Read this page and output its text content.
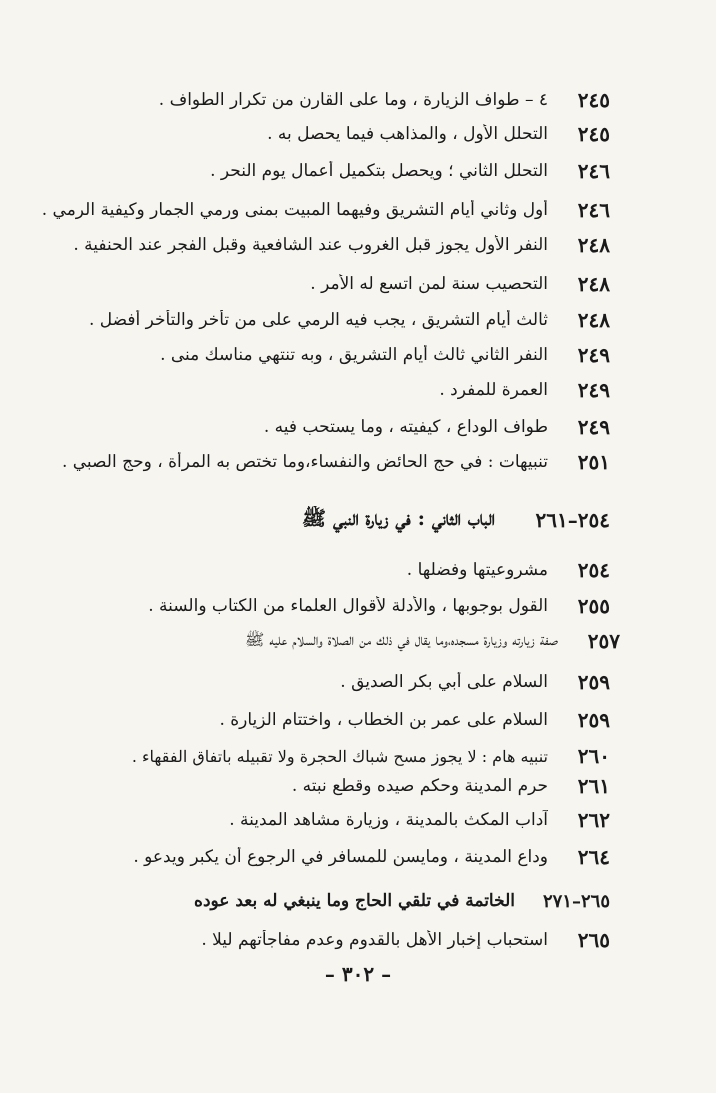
٢٤٥
٤ – طواف الزيارة ، وما على القارن من تكرار الطواف .
٢٤٥
التحلل الأول ، والمذاهب فيما يحصل به .
٢٤٦
التحلل الثاني ؛ ويحصل بتكميل أعمال يوم النحر .
٢٤٦
أول وثاني أيام التشريق وفيهما المبيت بمنى ورمي الجمار وكيفية الرمي .
٢٤٨
النفر الأول يجوز قبل الغروب عند الشافعية وقبل الفجر عند الحنفية .
٢٤٨
التحصيب سنة لمن اتسع له الأمر .
٢٤٨
ثالث أيام التشريق ، يجب فيه الرمي على من تأخر والتأخر أفضل .
٢٤٩
النفر الثاني ثالث أيام التشريق ، وبه تنتهي مناسك منى .
٢٤٩
العمرة للمفرد .
٢٤٩
طواف الوداع ، كيفيته ، وما يستحب فيه .
٢٥١
تنبيهات : في حج الحائض والنفساء،وما تختص به المرأة ، وحج الصبي .
٢٥٤–٢٦١
الباب الثاني : في زيارة النبي ﷺ
٢٥٤
مشروعيتها وفضلها .
٢٥٥
القول بوجوبها ، والأدلة لأقوال العلماء من الكتاب والسنة .
٢٥٧
صفة زيارته وزيارة مسجده،وما يقال في ذلك من الصلاة والسلام عليه ﷺ
٢٥٩
السلام على أبي بكر الصديق .
٢٥٩
السلام على عمر بن الخطاب ، واختتام الزيارة .
٢٦٠
تنبيه هام : لا يجوز مسح شباك الحجرة ولا تقبيله باتفاق الفقهاء .
٢٦١
حرم المدينة وحكم صيده وقطع نبته .
٢٦٢
آداب المكث بالمدينة ، وزيارة مشاهد المدينة .
٢٦٤
وداع المدينة ، ومايسن للمسافر في الرجوع أن يكبر ويدعو .
٢٦٥–٢٧١
الخاتمة في تلقي الحاج وما ينبغي له بعد عوده
٢٦٥
استحباب إخبار الأهل بالقدوم وعدم مفاجأتهم ليلا .
– ٣٠٢ –
